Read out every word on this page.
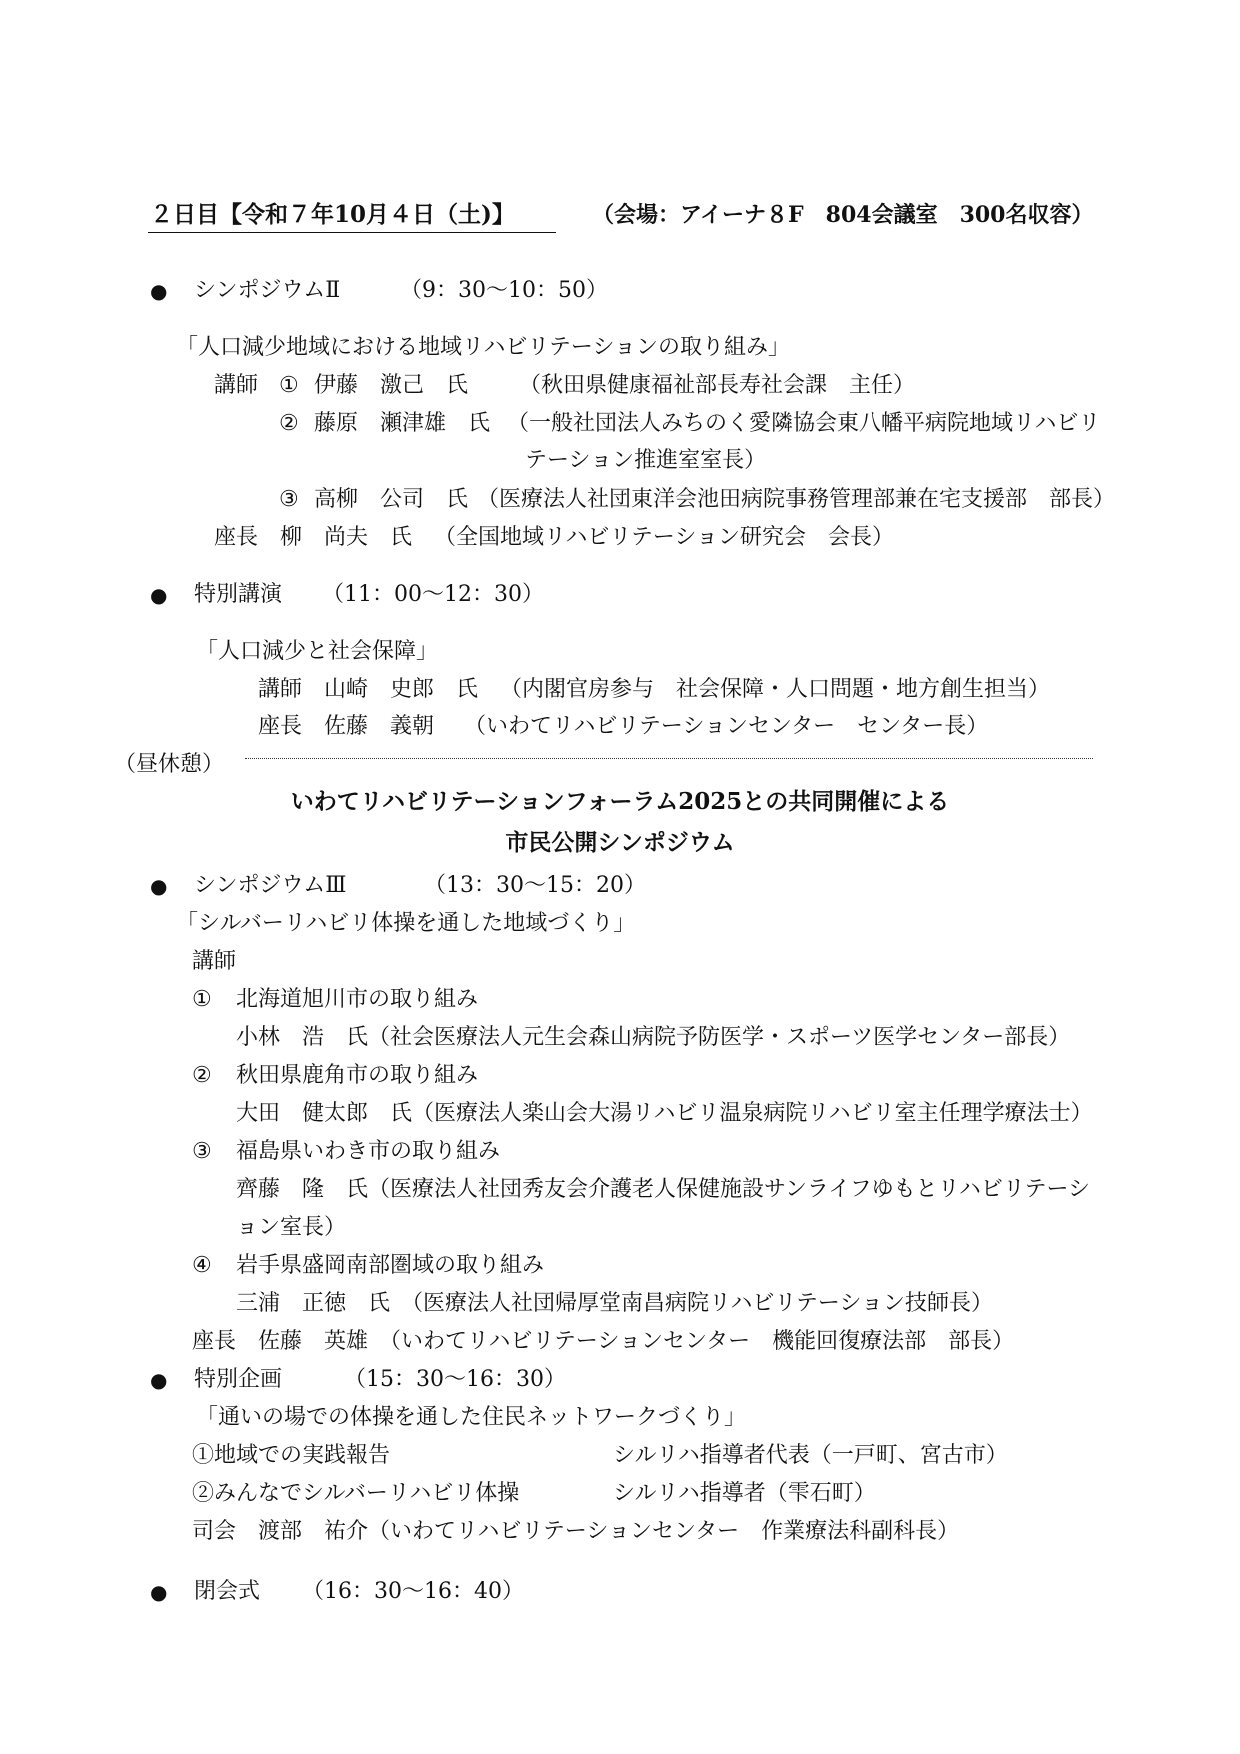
２日目【令和７年10月４日（土)】	（会場：アイーナ８F　804会議室　300名収容）
● シンポジウムⅡ	（9：30～10：50）
「人口減少地域における地域リハビリテーションの取り組み」
講師 ① 伊藤　激己　氏 （秋田県健康福祉部長寿社会課　主任）
② 藤原　瀬津雄　氏 （一般社団法人みちのく愛隣協会東八幡平病院地域リハビリ
テーション推進室室長）
③ 高柳　公司　氏 （医療法人社団東洋会池田病院事務管理部兼在宅支援部　部長）
座長 柳　尚夫　氏 （全国地域リハビリテーション研究会　会長）
● 特別講演 （11：00～12：30）
「人口減少と社会保障」
講師 山崎　史郎　氏 （内閣官房参与　社会保障・人口問題・地方創生担当）
座長 佐藤　義朝 （いわてリハビリテーションセンター　センター長）
（昼休憩）
いわてリハビリテーションフォーラム2025との共同開催による
市民公開シンポジウム
● シンポジウムⅢ	（13：30～15：20）
「シルバーリハビリ体操を通した地域づくり」
講師
① 北海道旭川市の取り組み
小林　浩　氏（社会医療法人元生会森山病院予防医学・スポーツ医学センター部長）
② 秋田県鹿角市の取り組み
大田　健太郎　氏（医療法人楽山会大湯リハビリ温泉病院リハビリ室主任理学療法士）
③ 福島県いわき市の取り組み
齊藤　隆　氏（医療法人社団秀友会介護老人保健施設サンライフゆもとリハビリテーシ
ョン室長）
④ 岩手県盛岡南部圏域の取り組み
三浦　正徳　氏　（医療法人社団帰厚堂南昌病院リハビリテーション技師長）
座長　佐藤　英雄　（いわてリハビリテーションセンター　機能回復療法部　部長）
● 特別企画	（15：30～16：30）
「通いの場での体操を通した住民ネットワークづくり」
①地域での実践報告	シルリハ指導者代表（一戸町、宮古市）
②みんなでシルバーリハビリ体操	シルリハ指導者（雫石町）
司会　渡部　祐介（いわてリハビリテーションセンター　作業療法科副科長）
● 閉会式 （16：30～16：40）
